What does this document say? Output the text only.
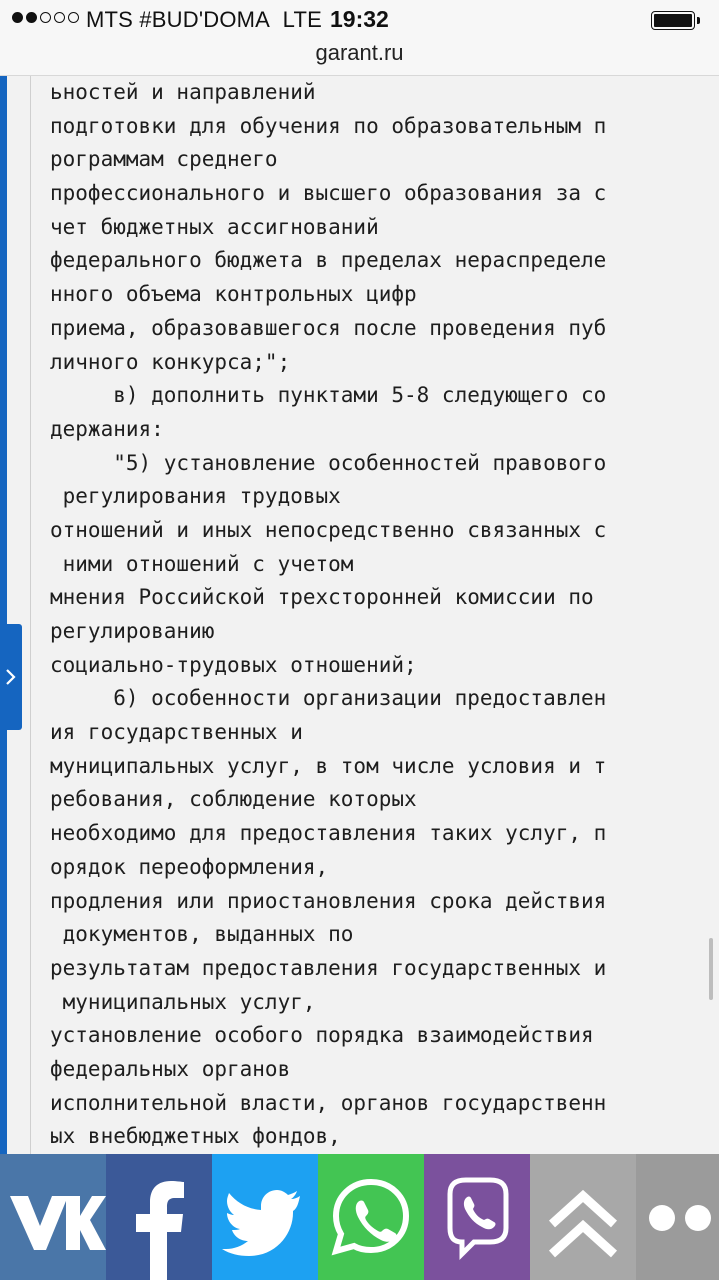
MTS #BUD'DOMA LTE 19:32
garant.ru
ьностей и направлений
подготовки для обучения по образовательным п
рограммам среднего
профессионального и высшего образования за с
чет бюджетных ассигнований
федерального бюджета в пределах нераспределе
нного объема контрольных цифр
приема, образовавшегося после проведения пуб
личного конкурса;";
в) дополнить пунктами 5-8 следующего со
держания:
"5) установление особенностей правового
регулирования трудовых
отношений и иных непосредственно связанных с
ними отношений с учетом
мнения Российской трехсторонней комиссии по
регулированию
социально-трудовых отношений;
6) особенности организации предоставлен
ия государственных и
муниципальных услуг, в том числе условия и т
ребования, соблюдение которых
необходимо для предоставления таких услуг, п
орядок переоформления,
продления или приостановления срока действия
документов, выданных по
результатам предоставления государственных и
муниципальных услуг,
установление особого порядка взаимодействия
федеральных органов
исполнительной власти, органов государственн
ых внебюджетных фондов,
